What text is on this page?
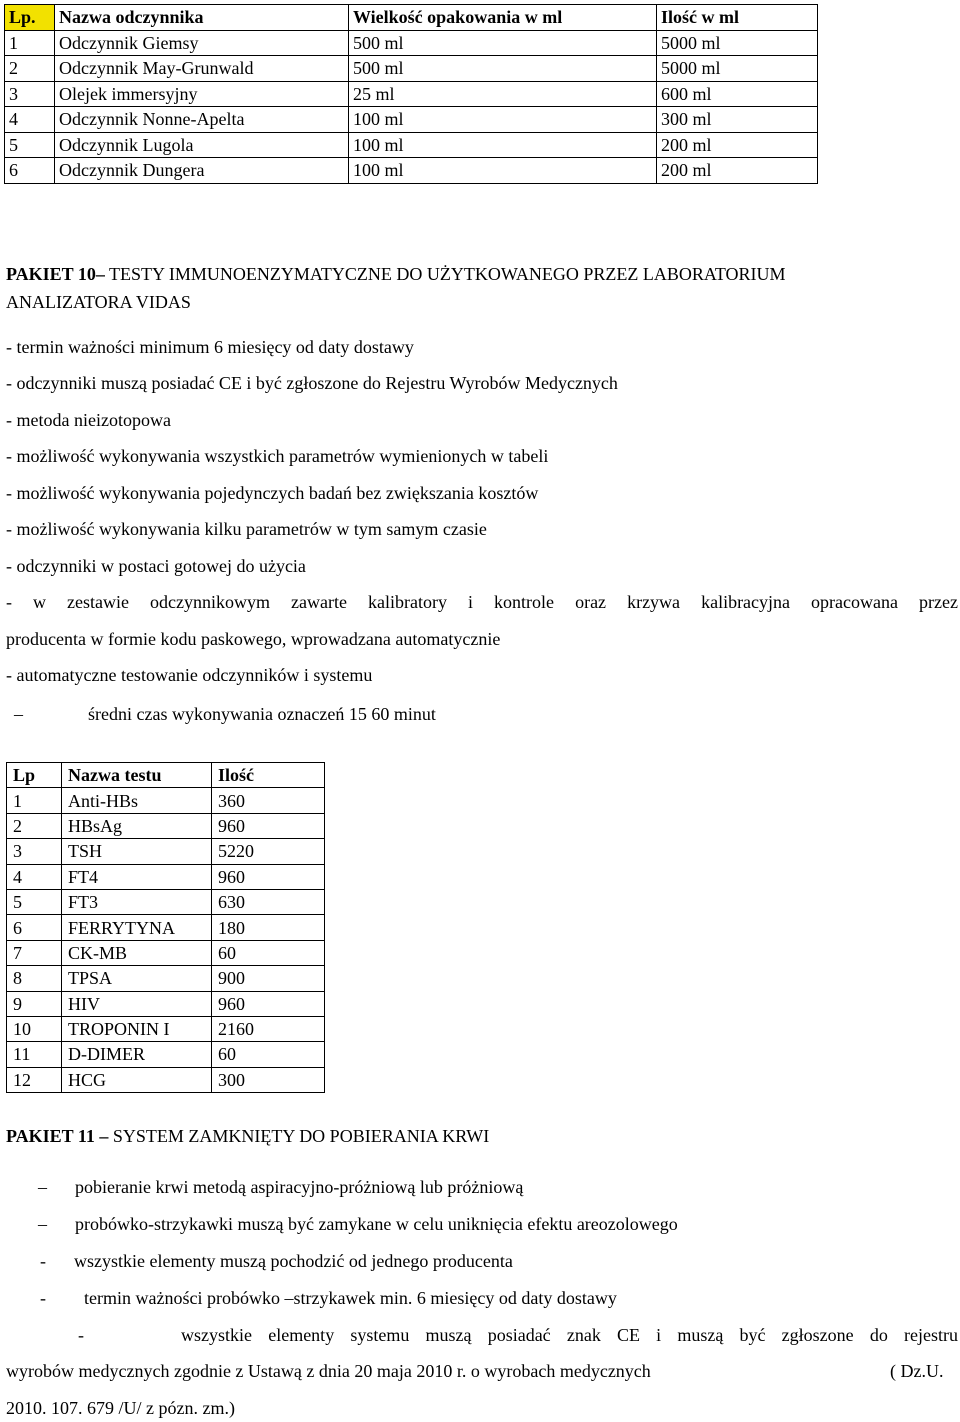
Lp.	Nazwa odczynnika	Wielkość opakowania w ml	Ilość w ml
1	Odczynnik Giemsy	500 ml	5000 ml
2	Odczynnik May-Grunwald	500 ml	5000 ml
3	Olejek immersyjny	25 ml	600 ml
4	Odczynnik Nonne-Apelta	100 ml	300 ml
5	Odczynnik Lugola	100 ml	200 ml
6	Odczynnik Dungera	100 ml	200 ml
PAKIET 10– TESTY IMMUNOENZYMATYCZNE DO UŻYTKOWANEGO PRZEZ LABORATORIUM
ANALIZATORA VIDAS
- termin ważności minimum 6 miesięcy od daty dostawy
- odczynniki muszą posiadać CE i być zgłoszone do Rejestru Wyrobów Medycznych
- metoda nieizotopowa
- możliwość wykonywania wszystkich parametrów wymienionych w tabeli
- możliwość wykonywania pojedynczych badań bez zwiększania kosztów
- możliwość wykonywania kilku parametrów w tym samym czasie
- odczynniki w postaci gotowej do użycia
- w zestawie odczynnikowym zawarte kalibratory i kontrole oraz krzywa kalibracyjna opracowana przez
producenta w formie kodu paskowego, wprowadzana automatycznie
- automatyczne testowanie odczynników i systemu
–	średni czas wykonywania oznaczeń 15 60 minut
Lp	Nazwa testu	Ilość
1	Anti-HBs	360
2	HBsAg	960
3	TSH	5220
4	FT4	960
5	FT3	630
6	FERRYTYNA	180
7	CK-MB	60
8	TPSA	900
9	HIV	960
10	TROPONIN I	2160
11	D-DIMER	60
12	HCG	300
PAKIET 11 – SYSTEM ZAMKNIĘTY DO POBIERANIA KRWI
– pobieranie krwi metodą aspiracyjno-próżniową lub próżniową
– probówko-strzykawki muszą być zamykane w celu uniknięcia efektu areozolowego
- wszystkie elementy muszą pochodzić od jednego producenta
- termin ważności probówko –strzykawek min. 6 miesięcy od daty dostawy
-            wszystkie  elementy  systemu  muszą  posiadać  znak  CE  i  muszą  być  zgłoszone  do  rejestru
wyrobów medycznych zgodnie z Ustawą z dnia 20 maja 2010 r. o wyrobach medycznych	( Dz.U.
2010. 107. 679 /U/ z pózn. zm.)
